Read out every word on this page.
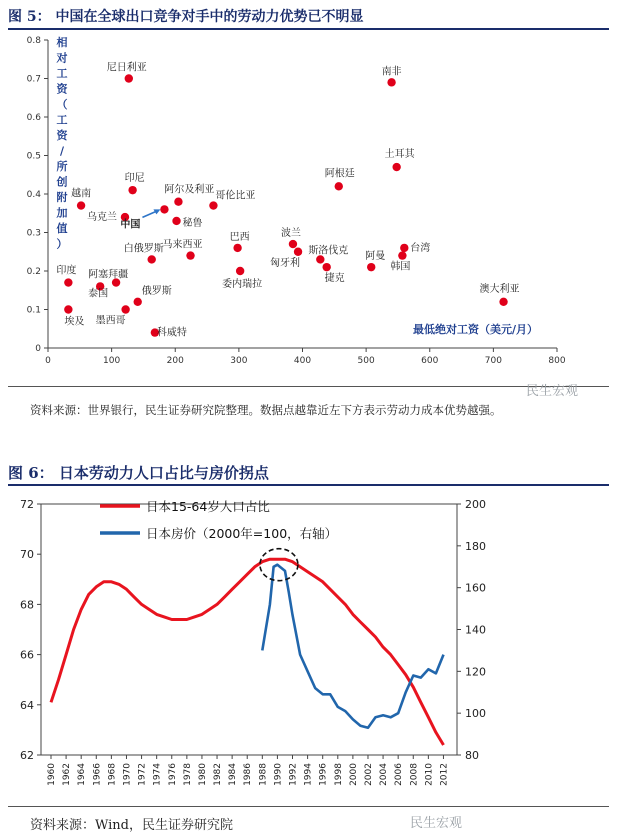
图 5： 中国在全球出口竞争对手中的劳动力优势已不明显
0	100	200	300	400	500	600	700	800
0
0.1
0.2
0.3
0.4
0.5
0.6
0.7
0.8
尼日利亚	南非
土耳其
阿根廷
越南
印尼
阿尔及利亚
哥伦比亚
中国
乌克兰
秘鲁
白俄罗斯
马来西亚
巴西	波兰
匈牙利
斯洛伐克
阿曼
台湾
韩国
捷克
委内瑞拉
印度 阿塞拜疆
泰国	俄罗斯
墨西哥
埃及
科威特
澳大利亚
相对工资（工资/所创附加值）
最低绝对工资（美元/月）
民生宏观
资料来源：世界银行，民生证券研究院整理。数据点越靠近左下方表示劳动力成本优势越强。
图 6： 日本劳动力人口占比与房价拐点
62
64
66
68
70
72
80
100
120
140
160
180
200
1960 1962 1964 1966 1968 1970 1972 1974 1976 1978 1980 1982 1984 1986 1988 1990 1992 1994 1996 1998 2000 2002 2004 2006 2008 2010 2012
日本15-64岁人口占比
日本房价（2000年=100，右轴）
资料来源：Wind，民生证券研究院	民生宏观
